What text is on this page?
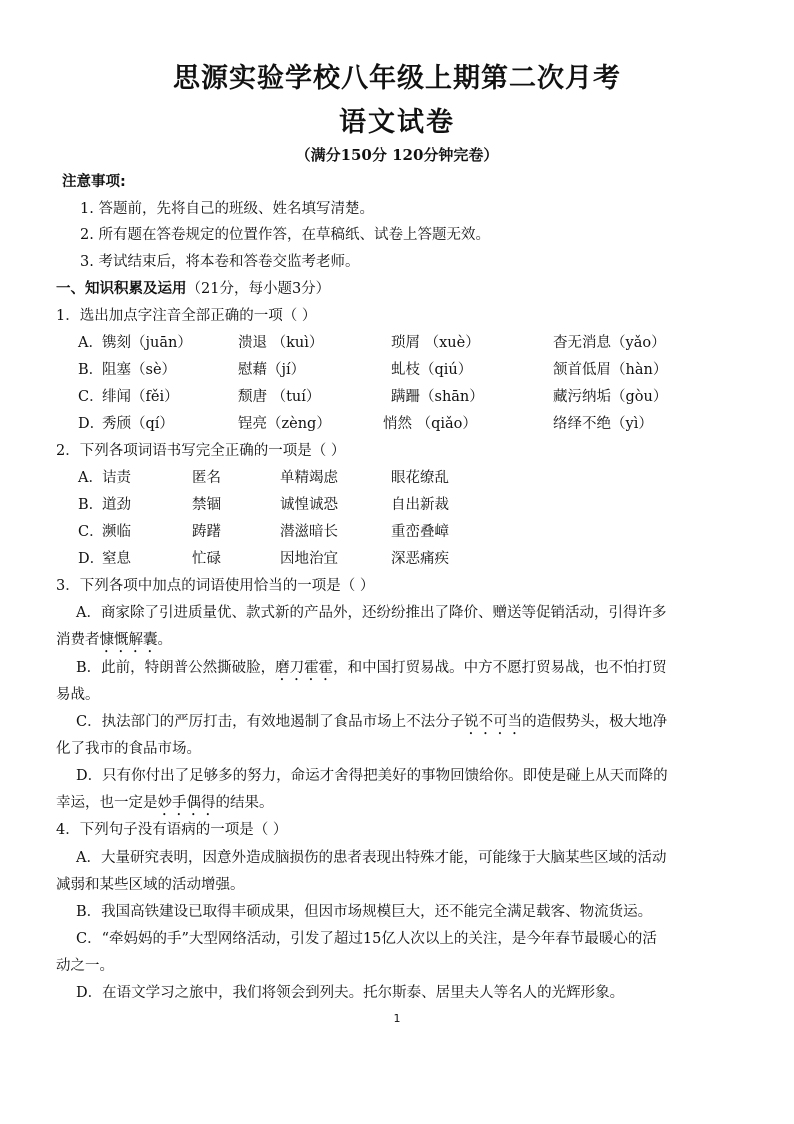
思源实验学校八年级上期第二次月考
语文试卷
（满分150分 120分钟完卷）
注意事项:
1. 答题前，先将自己的班级、姓名填写清楚。
2. 所有题在答卷规定的位置作答，在草稿纸、试卷上答题无效。
3. 考试结束后，将本卷和答卷交监考老师。
一、知识积累及运用（21分，每小题3分）
1．选出加点字注音全部正确的一项（ ）
A． 镌刻（juān）	溃退 （kuì）	琐屑 （xuè）	杳无消息（yǎo）
B．
阻塞（sè）	慰藉（jí）	虬枝（qiú）	颔首低眉（hàn）
C．
绯闻（fěi）	颓唐 （tuí）	蹒跚（shān）	藏污纳垢（gòu）
D．
秀颀（qí）	锃亮（zèng）	悄然 （qiǎo）	络绎不绝（yì）
2．下列各项词语书写完全正确的一项是（ ）
A． 诘责	匿名	单精竭虑	眼花缭乱
B．
道劲	禁锢	诚惶诚恐	自出新裁
C．
濒临	踌躇	潜滋暗长	重峦叠嶂
D．
窒息	忙碌	因地治宜	深恶痛疾
3．下列各项中加点的词语使用恰当的一项是（ ）
A．商家除了引进质量优、款式新的产品外，还纷纷推出了降价、赠送等促销活动，引得许多
消费者慷慨解囊。
B．此前，特朗普公然撕破脸，磨刀霍霍，和中国打贸易战。中方不愿打贸易战，也不怕打贸
易战。
C．执法部门的严厉打击，有效地遏制了食品市场上不法分子锐不可当的造假势头，极大地净
化了我市的食品市场。
D．只有你付出了足够多的努力，命运才舍得把美好的事物回馈给你。即使是碰上从天而降的
幸运，也一定是妙手偶得的结果。
4．下列句子没有语病的一项是（ ）
A．大量研究表明，因意外造成脑损伤的患者表现出特殊才能，可能缘于大脑某些区域的活动
减弱和某些区域的活动增强。
B．我国高铁建设已取得丰硕成果，但因市场规模巨大，还不能完全满足载客、物流货运。
C．“牵妈妈的手”大型网络活动，引发了超过15亿人次以上的关注，是今年春节最暖心的活
动之一。
D．在语文学习之旅中，我们将领会到列夫。托尔斯泰、居里夫人等名人的光辉形象。
1
